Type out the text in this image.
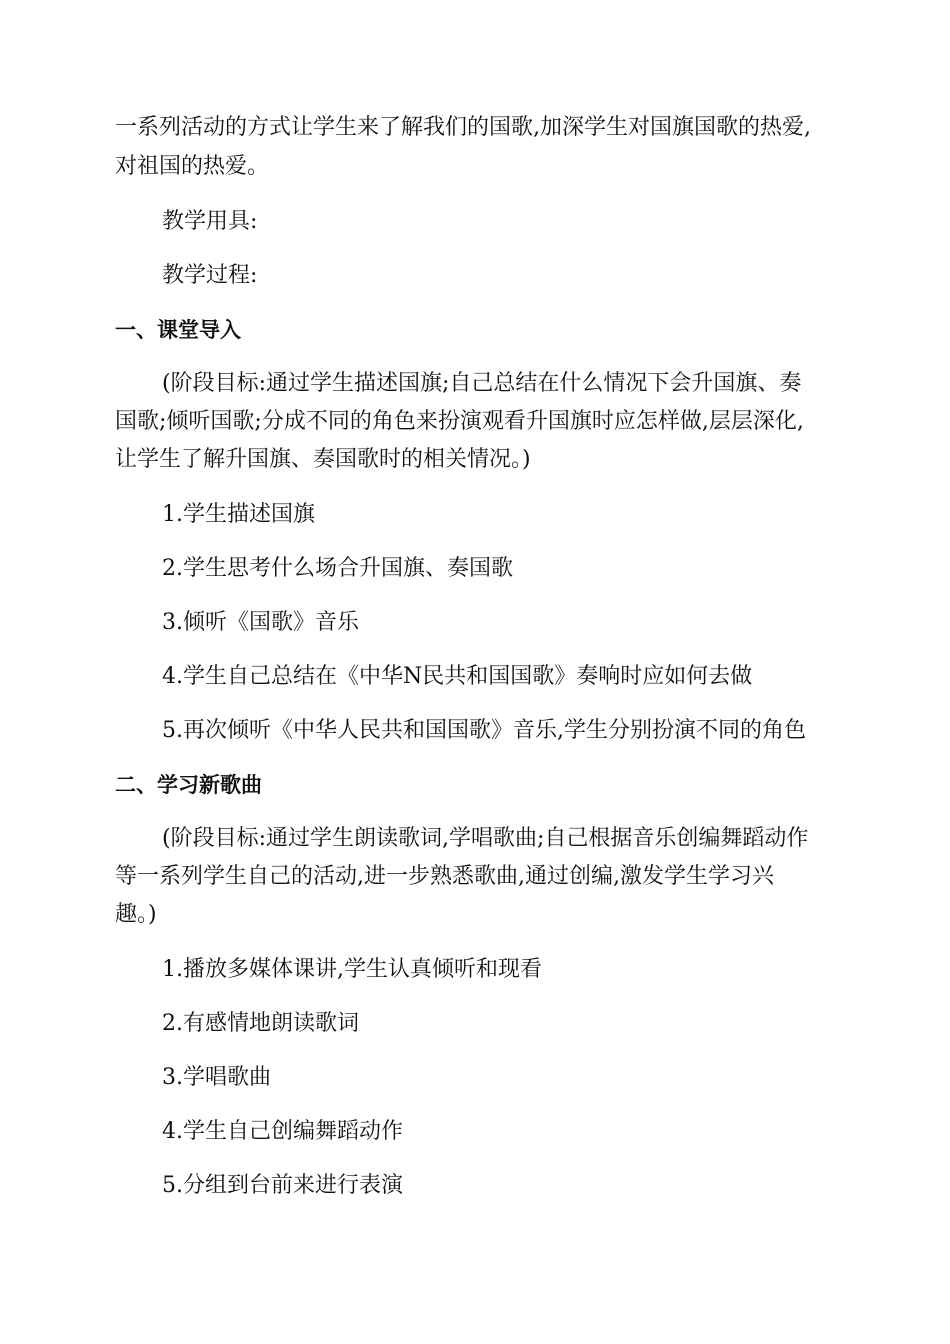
一系列活动的方式让学生来了解我们的国歌,加深学生对国旗国歌的热爱,
对祖国的热爱。
教学用具:
教学过程:
一、课堂导入
(阶段目标:通过学生描述国旗;自己总结在什么情况下会升国旗、奏
国歌;倾听国歌;分成不同的角色来扮演观看升国旗时应怎样做,层层深化,
让学生了解升国旗、奏国歌时的相关情况。)
1.学生描述国旗
2.学生思考什么场合升国旗、奏国歌
3.倾听《国歌》音乐
4.学生自己总结在《中华N民共和国国歌》奏响时应如何去做
5.再次倾听《中华人民共和国国歌》音乐,学生分别扮演不同的角色
二、学习新歌曲
(阶段目标:通过学生朗读歌词,学唱歌曲;自己根据音乐创编舞蹈动作
等一系列学生自己的活动,进一步熟悉歌曲,通过创编,激发学生学习兴
趣。)
1.播放多媒体课讲,学生认真倾听和现看
2.有感情地朗读歌词
3.学唱歌曲
4.学生自己创编舞蹈动作
5.分组到台前来进行表演
